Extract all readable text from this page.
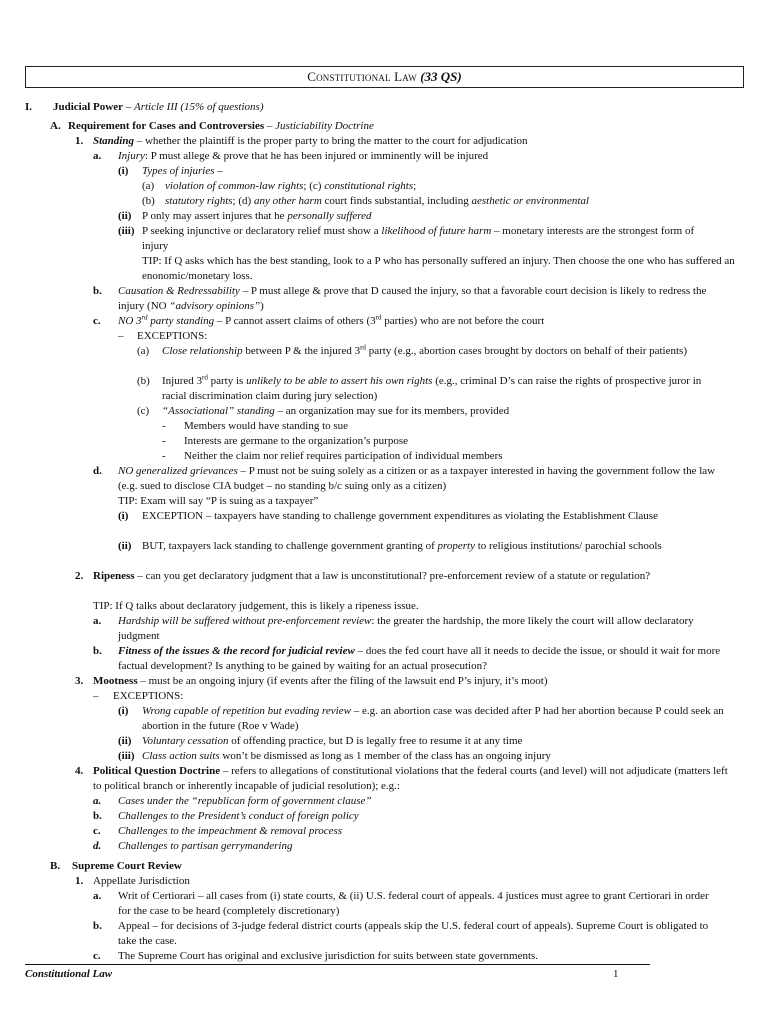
Constitutional Law (33 QS)
I. Judicial Power – Article III (15% of questions)
A. Requirement for Cases and Controversies – Justiciability Doctrine
1. Standing – whether the plaintiff is the proper party to bring the matter to the court for adjudication
a. Injury: P must allege & prove that he has been injured or imminently will be injured
(i) Types of injuries –
(a) violation of common-law rights; (c) constitutional rights;
(b) statutory rights; (d) any other harm court finds substantial, including aesthetic or environmental
(ii) P only may assert injures that he personally suffered
(iii) P seeking injunctive or declaratory relief must show a likelihood of future harm – monetary interests are the strongest form of injury
TIP: If Q asks which has the best standing, look to a P who has personally suffered an injury. Then choose the one who has suffered an enonomic/monetary loss.
b. Causation & Redressability – P must allege & prove that D caused the injury, so that a favorable court decision is likely to redress the injury (NO “advisory opinions”)
c. NO 3rd party standing – P cannot assert claims of others (3rd parties) who are not before the court
– EXCEPTIONS:
(a) Close relationship between P & the injured 3rd party (e.g., abortion cases brought by doctors on behalf of their patients)
(b) Injured 3rd party is unlikely to be able to assert his own rights (e.g., criminal D’s can raise the rights of prospective juror in racial discrimination claim during jury selection)
(c) “Associational” standing – an organization may sue for its members, provided
- Members would have standing to sue
- Interests are germane to the organization’s purpose
- Neither the claim nor relief requires participation of individual members
d. NO generalized grievances – P must not be suing solely as a citizen or as a taxpayer interested in having the government follow the law (e.g. sued to disclose CIA budget – no standing b/c suing only as a citizen)
TIP: Exam will say “P is suing as a taxpayer”
(i) EXCEPTION – taxpayers have standing to challenge government expenditures as violating the Establishment Clause
(ii) BUT, taxpayers lack standing to challenge government granting of property to religious institutions/ parochial schools
2. Ripeness – can you get declaratory judgment that a law is unconstitutional? pre-enforcement review of a statute or regulation?
TIP: If Q talks about declaratory judgement, this is likely a ripeness issue.
a. Hardship will be suffered without pre-enforcement review: the greater the hardship, the more likely the court will allow declaratory judgment
b. Fitness of the issues & the record for judicial review – does the fed court have all it needs to decide the issue, or should it wait for more factual development? Is anything to be gained by waiting for an actual prosecution?
3. Mootness – must be an ongoing injury (if events after the filing of the lawsuit end P’s injury, it’s moot)
– EXCEPTIONS:
(i) Wrong capable of repetition but evading review – e.g. an abortion case was decided after P had her abortion because P could seek an abortion in the future (Roe v Wade)
(ii) Voluntary cessation of offending practice, but D is legally free to resume it at any time
(iii) Class action suits won’t be dismissed as long as 1 member of the class has an ongoing injury
4. Political Question Doctrine – refers to allegations of constitutional violations that the federal courts (and level) will not adjudicate (matters left to political branch or inherently incapable of judicial resolution); e.g.:
a. Cases under the “republican form of government clause”
b. Challenges to the President’s conduct of foreign policy
c. Challenges to the impeachment & removal process
d. Challenges to partisan gerrymandering
B. Supreme Court Review
1. Appellate Jurisdiction
a. Writ of Certiorari – all cases from (i) state courts, & (ii) U.S. federal court of appeals. 4 justices must agree to grant Certiorari in order for the case to be heard (completely discretionary)
b. Appeal – for decisions of 3-judge federal district courts (appeals skip the U.S. federal court of appeals). Supreme Court is obligated to take the case.
c. The Supreme Court has original and exclusive jurisdiction for suits between state governments.
Constitutional Law	1
